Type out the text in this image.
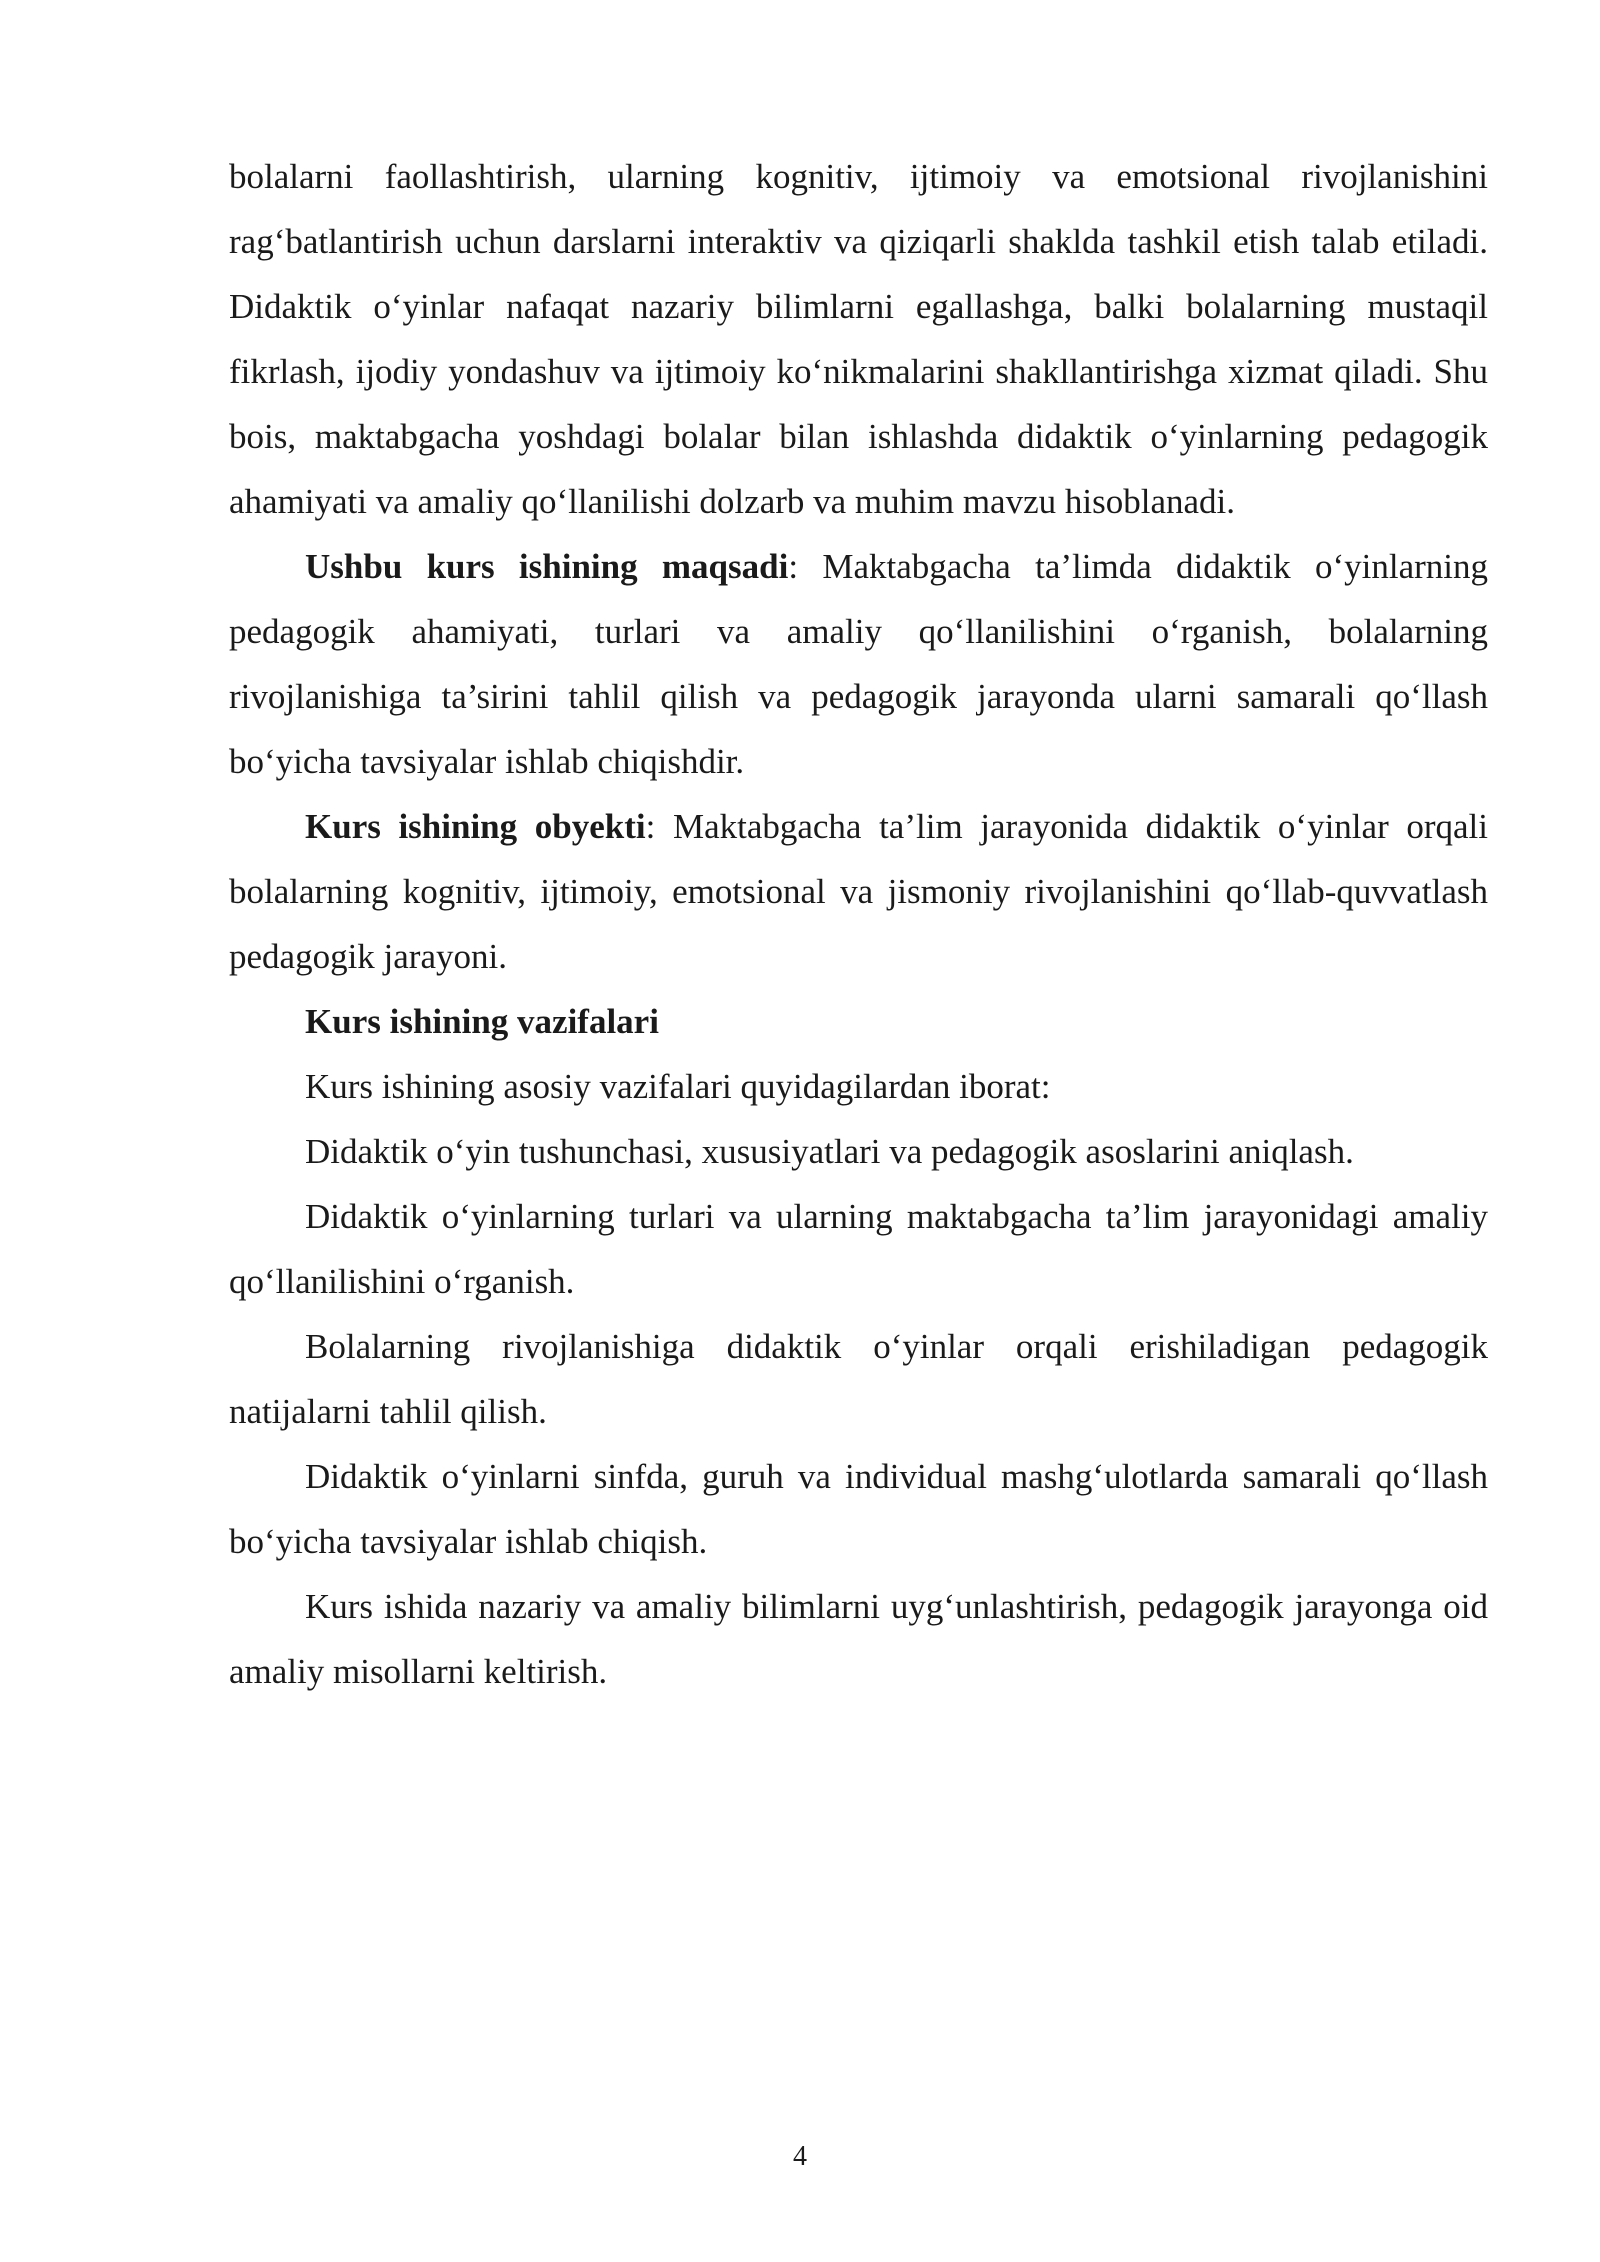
bolalarni faollashtirish, ularning kognitiv, ijtimoiy va emotsional rivojlanishini rag‘batlantirish uchun darslarni interaktiv va qiziqarli shaklda tashkil etish talab etiladi. Didaktik o‘yinlar nafaqat nazariy bilimlarni egallashga, balki bolalarning mustaqil fikrlash, ijodiy yondashuv va ijtimoiy ko‘nikmalarini shakllantirishga xizmat qiladi. Shu bois, maktabgacha yoshdagi bolalar bilan ishlashda didaktik o‘yinlarning pedagogik ahamiyati va amaliy qo‘llanilishi dolzarb va muhim mavzu hisoblanadi.

Ushbu kurs ishining maqsadi: Maktabgacha ta’limda didaktik o‘yinlarning pedagogik ahamiyati, turlari va amaliy qo‘llanilishini o‘rganish, bolalarning rivojlanishiga ta’sirini tahlil qilish va pedagogik jarayonda ularni samarali qo‘llash bo‘yicha tavsiyalar ishlab chiqishdir.

Kurs ishining obyekti: Maktabgacha ta’lim jarayonida didaktik o‘yinlar orqali bolalarning kognitiv, ijtimoiy, emotsional va jismoniy rivojlanishini qo‘llab-quvvatlash pedagogik jarayoni.

Kurs ishining vazifalari

Kurs ishining asosiy vazifalari quyidagilardan iborat:

Didaktik o‘yin tushunchasi, xususiyatlari va pedagogik asoslarini aniqlash.

Didaktik o‘yinlarning turlari va ularning maktabgacha ta’lim jarayonidagi amaliy qo‘llanilishini o‘rganish.

Bolalarning rivojlanishiga didaktik o‘yinlar orqali erishiladigan pedagogik natijalarni tahlil qilish.

Didaktik o‘yinlarni sinfda, guruh va individual mashg‘ulotlarda samarali qo‘llash bo‘yicha tavsiyalar ishlab chiqish.

Kurs ishida nazariy va amaliy bilimlarni uyg‘unlashtirish, pedagogik jarayonga oid amaliy misollarni keltirish.

4
